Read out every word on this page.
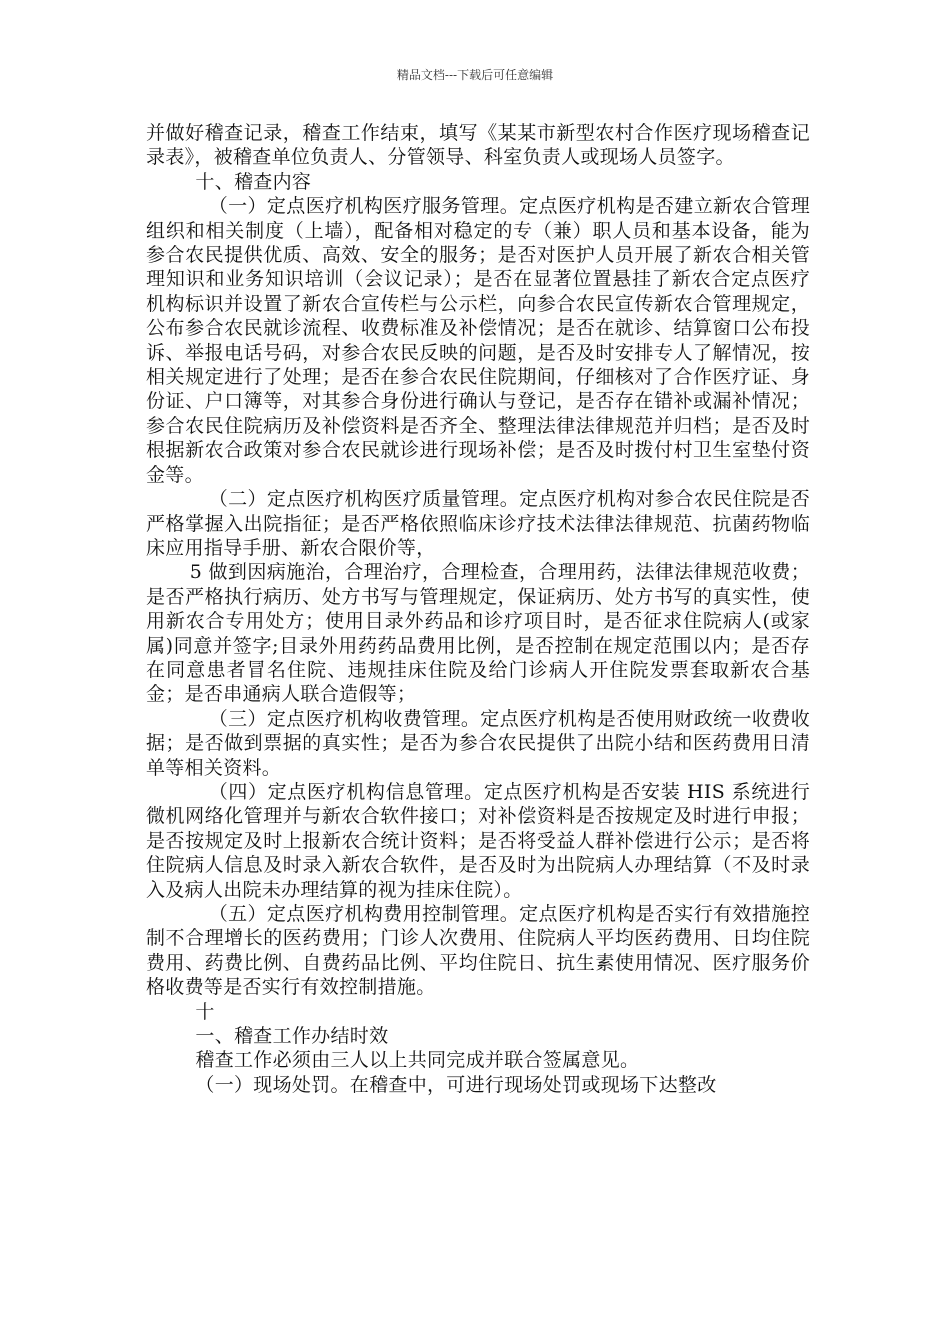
精品文档---下载后可任意编辑

并做好稽查记录，稽查工作结束，填写《某某市新型农村合作医疗现场稽查记录表》，被稽查单位负责人、分管领导、科室负责人或现场人员签字。

十、稽查内容

（一）定点医疗机构医疗服务管理。定点医疗机构是否建立新农合管理组织和相关制度（上墙），配备相对稳定的专（兼）职人员和基本设备，能为参合农民提供优质、高效、安全的服务；是否对医护人员开展了新农合相关管理知识和业务知识培训（会议记录）；是否在显著位置悬挂了新农合定点医疗机构标识并设置了新农合宣传栏与公示栏，向参合农民宣传新农合管理规定，公布参合农民就诊流程、收费标准及补偿情况；是否在就诊、结算窗口公布投诉、举报电话号码，对参合农民反映的问题，是否及时安排专人了解情况，按相关规定进行了处理；是否在参合农民住院期间，仔细核对了合作医疗证、身份证、户口簿等，对其参合身份进行确认与登记，是否存在错补或漏补情况；参合农民住院病历及补偿资料是否齐全、整理法律法律规范并归档；是否及时根据新农合政策对参合农民就诊进行现场补偿；是否及时拨付村卫生室垫付资金等。

（二）定点医疗机构医疗质量管理。定点医疗机构对参合农民住院是否严格掌握入出院指征；是否严格依照临床诊疗技术法律法律规范、抗菌药物临床应用指导手册、新农合限价等，

5 做到因病施治，合理治疗，合理检查，合理用药，法律法律规范收费；是否严格执行病历、处方书写与管理规定，保证病历、处方书写的真实性，使用新农合专用处方；使用目录外药品和诊疗项目时，是否征求住院病人(或家属)同意并签字;目录外用药药品费用比例，是否控制在规定范围以内；是否存在同意患者冒名住院、违规挂床住院及给门诊病人开住院发票套取新农合基金；是否串通病人联合造假等；

（三）定点医疗机构收费管理。定点医疗机构是否使用财政统一收费收据；是否做到票据的真实性；是否为参合农民提供了出院小结和医药费用日清单等相关资料。

（四）定点医疗机构信息管理。定点医疗机构是否安装 HIS 系统进行微机网络化管理并与新农合软件接口；对补偿资料是否按规定及时进行申报；是否按规定及时上报新农合统计资料；是否将受益人群补偿进行公示；是否将住院病人信息及时录入新农合软件，是否及时为出院病人办理结算（不及时录入及病人出院未办理结算的视为挂床住院）。

（五）定点医疗机构费用控制管理。定点医疗机构是否实行有效措施控制不合理增长的医药费用；门诊人次费用、住院病人平均医药费用、日均住院费用、药费比例、自费药品比例、平均住院日、抗生素使用情况、医疗服务价格收费等是否实行有效控制措施。

十

一、稽查工作办结时效

稽查工作必须由三人以上共同完成并联合签属意见。

（一）现场处罚。在稽查中，可进行现场处罚或现场下达整改
